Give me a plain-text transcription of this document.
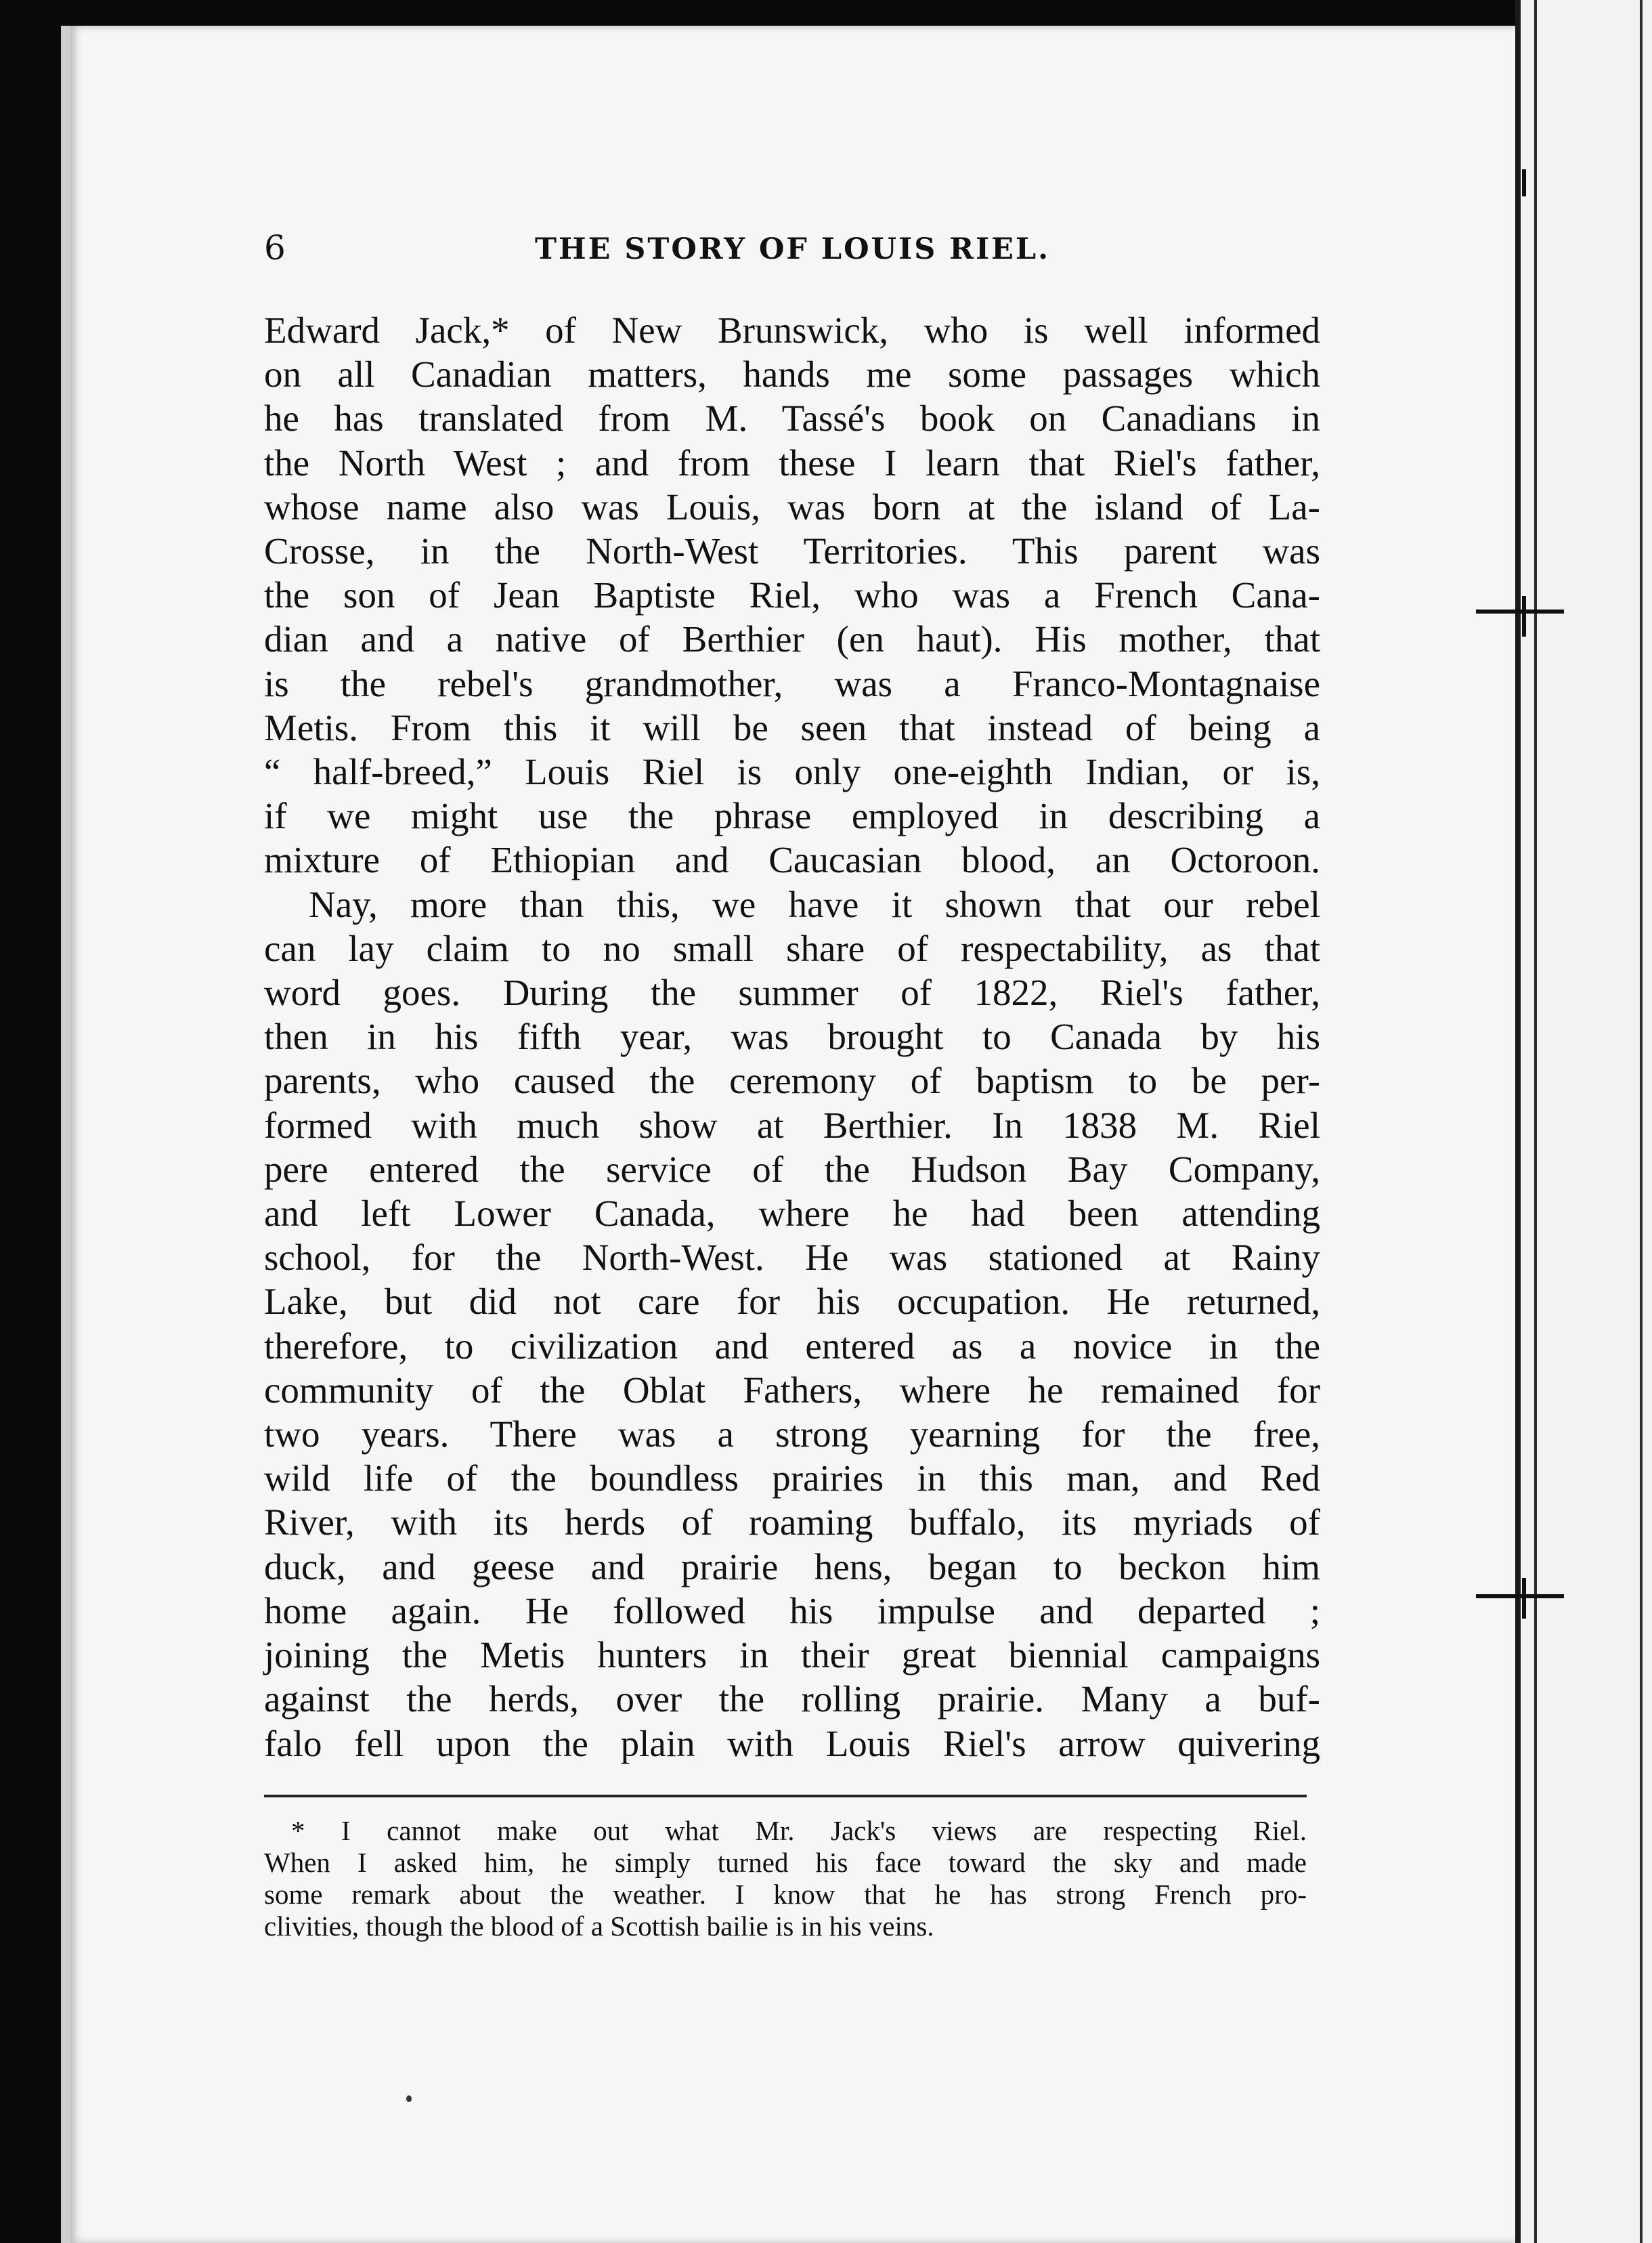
6	THE STORY OF LOUIS RIEL.

Edward Jack,* of New Brunswick, who is well informed

on all Canadian matters, hands me some passages which

he has translated from M. Tassé's book on Canadians in

the North West ; and from these I learn that Riel's father,

whose name also was Louis, was born at the island of La-

Crosse, in the North-West Territories. This parent was

the son of Jean Baptiste Riel, who was a French Cana-

dian and a native of Berthier (en haut). His mother, that

is the rebel's grandmother, was a Franco-Montagnaise

Metis. From this it will be seen that instead of being a

“ half-breed,” Louis Riel is only one-eighth Indian, or is,

if we might use the phrase employed in describing a

mixture of Ethiopian and Caucasian blood, an Octoroon.

Nay, more than this, we have it shown that our rebel

can lay claim to no small share of respectability, as that

word goes. During the summer of 1822, Riel's father,

then in his fifth year, was brought to Canada by his

parents, who caused the ceremony of baptism to be per-

formed with much show at Berthier. In 1838 M. Riel

pere entered the service of the Hudson Bay Company,

and left Lower Canada, where he had been attending

school, for the North-West. He was stationed at Rainy

Lake, but did not care for his occupation. He returned,

therefore, to civilization and entered as a novice in the

community of the Oblat Fathers, where he remained for

two years. There was a strong yearning for the free,

wild life of the boundless prairies in this man, and Red

River, with its herds of roaming buffalo, its myriads of

duck, and geese and prairie hens, began to beckon him

home again. He followed his impulse and departed ;

joining the Metis hunters in their great biennial campaigns

against the herds, over the rolling prairie. Many a buf-

falo fell upon the plain with Louis Riel's arrow quivering

* I cannot make out what Mr. Jack's views are respecting Riel.

When I asked him, he simply turned his face toward the sky and made

some remark about the weather. I know that he has strong French pro-

clivities, though the blood of a Scottish bailie is in his veins.
